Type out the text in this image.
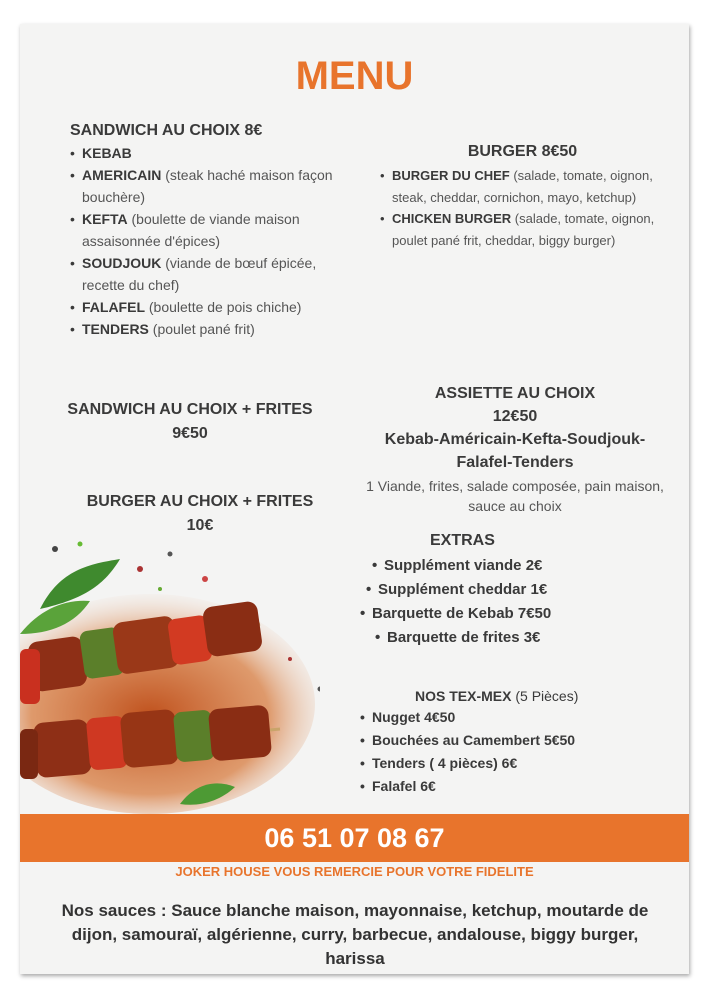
MENU
SANDWICH AU CHOIX 8€
• KEBAB
• AMERICAIN (steak haché maison façon bouchère)
• KEFTA (boulette de viande maison assaisonnée d'épices)
• SOUDJOUK (viande de bœuf épicée, recette du chef)
• FALAFEL (boulette de pois chiche)
• TENDERS (poulet pané frit)
BURGER 8€50
• BURGER DU CHEF (salade, tomate, oignon, steak, cheddar, cornichon, mayo, ketchup)
• CHICKEN BURGER (salade, tomate, oignon, poulet pané frit, cheddar, biggy burger)
SANDWICH AU CHOIX + FRITES
9€50
BURGER AU CHOIX + FRITES
10€
ASSIETTE AU CHOIX
12€50
Kebab-Américain-Kefta-Soudjouk-
Falafel-Tenders
1 Viande, frites, salade composée, pain maison, sauce au choix
EXTRAS
• Supplément viande 2€
• Supplément cheddar 1€
• Barquette de Kebab 7€50
• Barquette de frites 3€
NOS TEX-MEX (5 Pièces)
• Nugget 4€50
• Bouchées au Camembert 5€50
• Tenders ( 4 pièces) 6€
• Falafel 6€
06 51 07 08 67
JOKER HOUSE VOUS REMERCIE POUR VOTRE FIDELITE
Nos sauces : Sauce blanche maison, mayonnaise, ketchup, moutarde de dijon, samouraï, algérienne, curry, barbecue, andalouse, biggy burger, harissa
